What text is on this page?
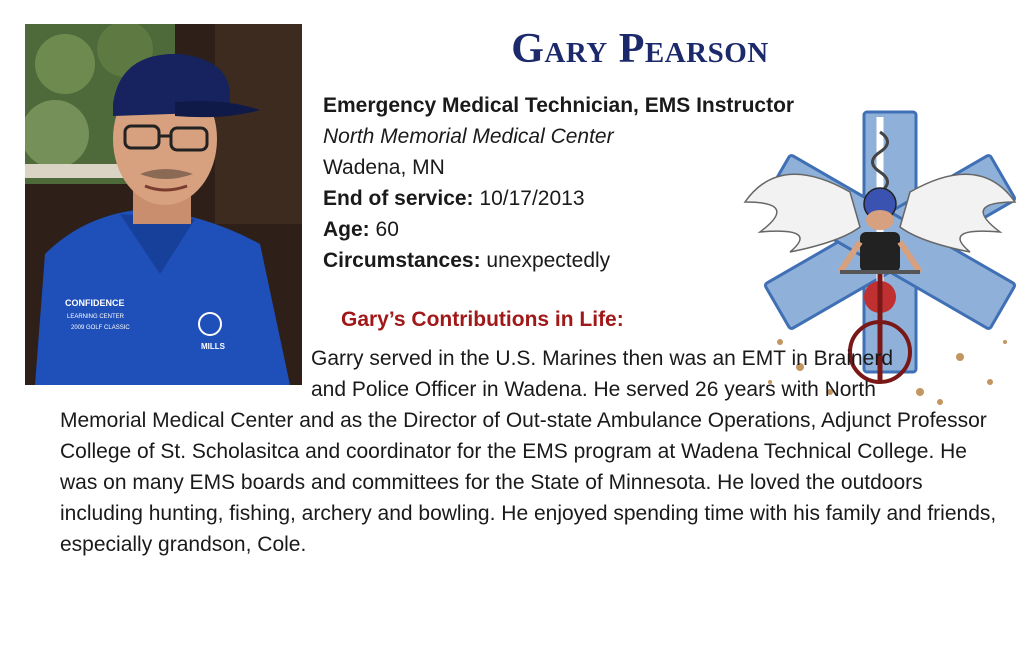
CONFIDENCE
LEARNING CENTER
2009 GOLF CLASSIC
MILLS
Gary Pearson
Emergency Medical Technician, EMS Instructor
North Memorial Medical Center
Wadena, MN
End of service: 10/17/2013
Age: 60
Circumstances: unexpectedly
Gary’s Contributions in Life:
Garry served in the U.S. Marines then was an EMT in Brainerd
and Police Officer in Wadena. He served 26 years with North

Memorial Medical Center and as the Director of Out-state Ambulance Operations, Adjunct Professor College of St. Scholasitca and coordinator for the EMS program at Wadena Technical College. He was on many EMS boards and committees for the State of Minnesota. He loved the outdoors including hunting, fishing, archery and bowling. He enjoyed spending time with his family and friends, especially grandson, Cole.
